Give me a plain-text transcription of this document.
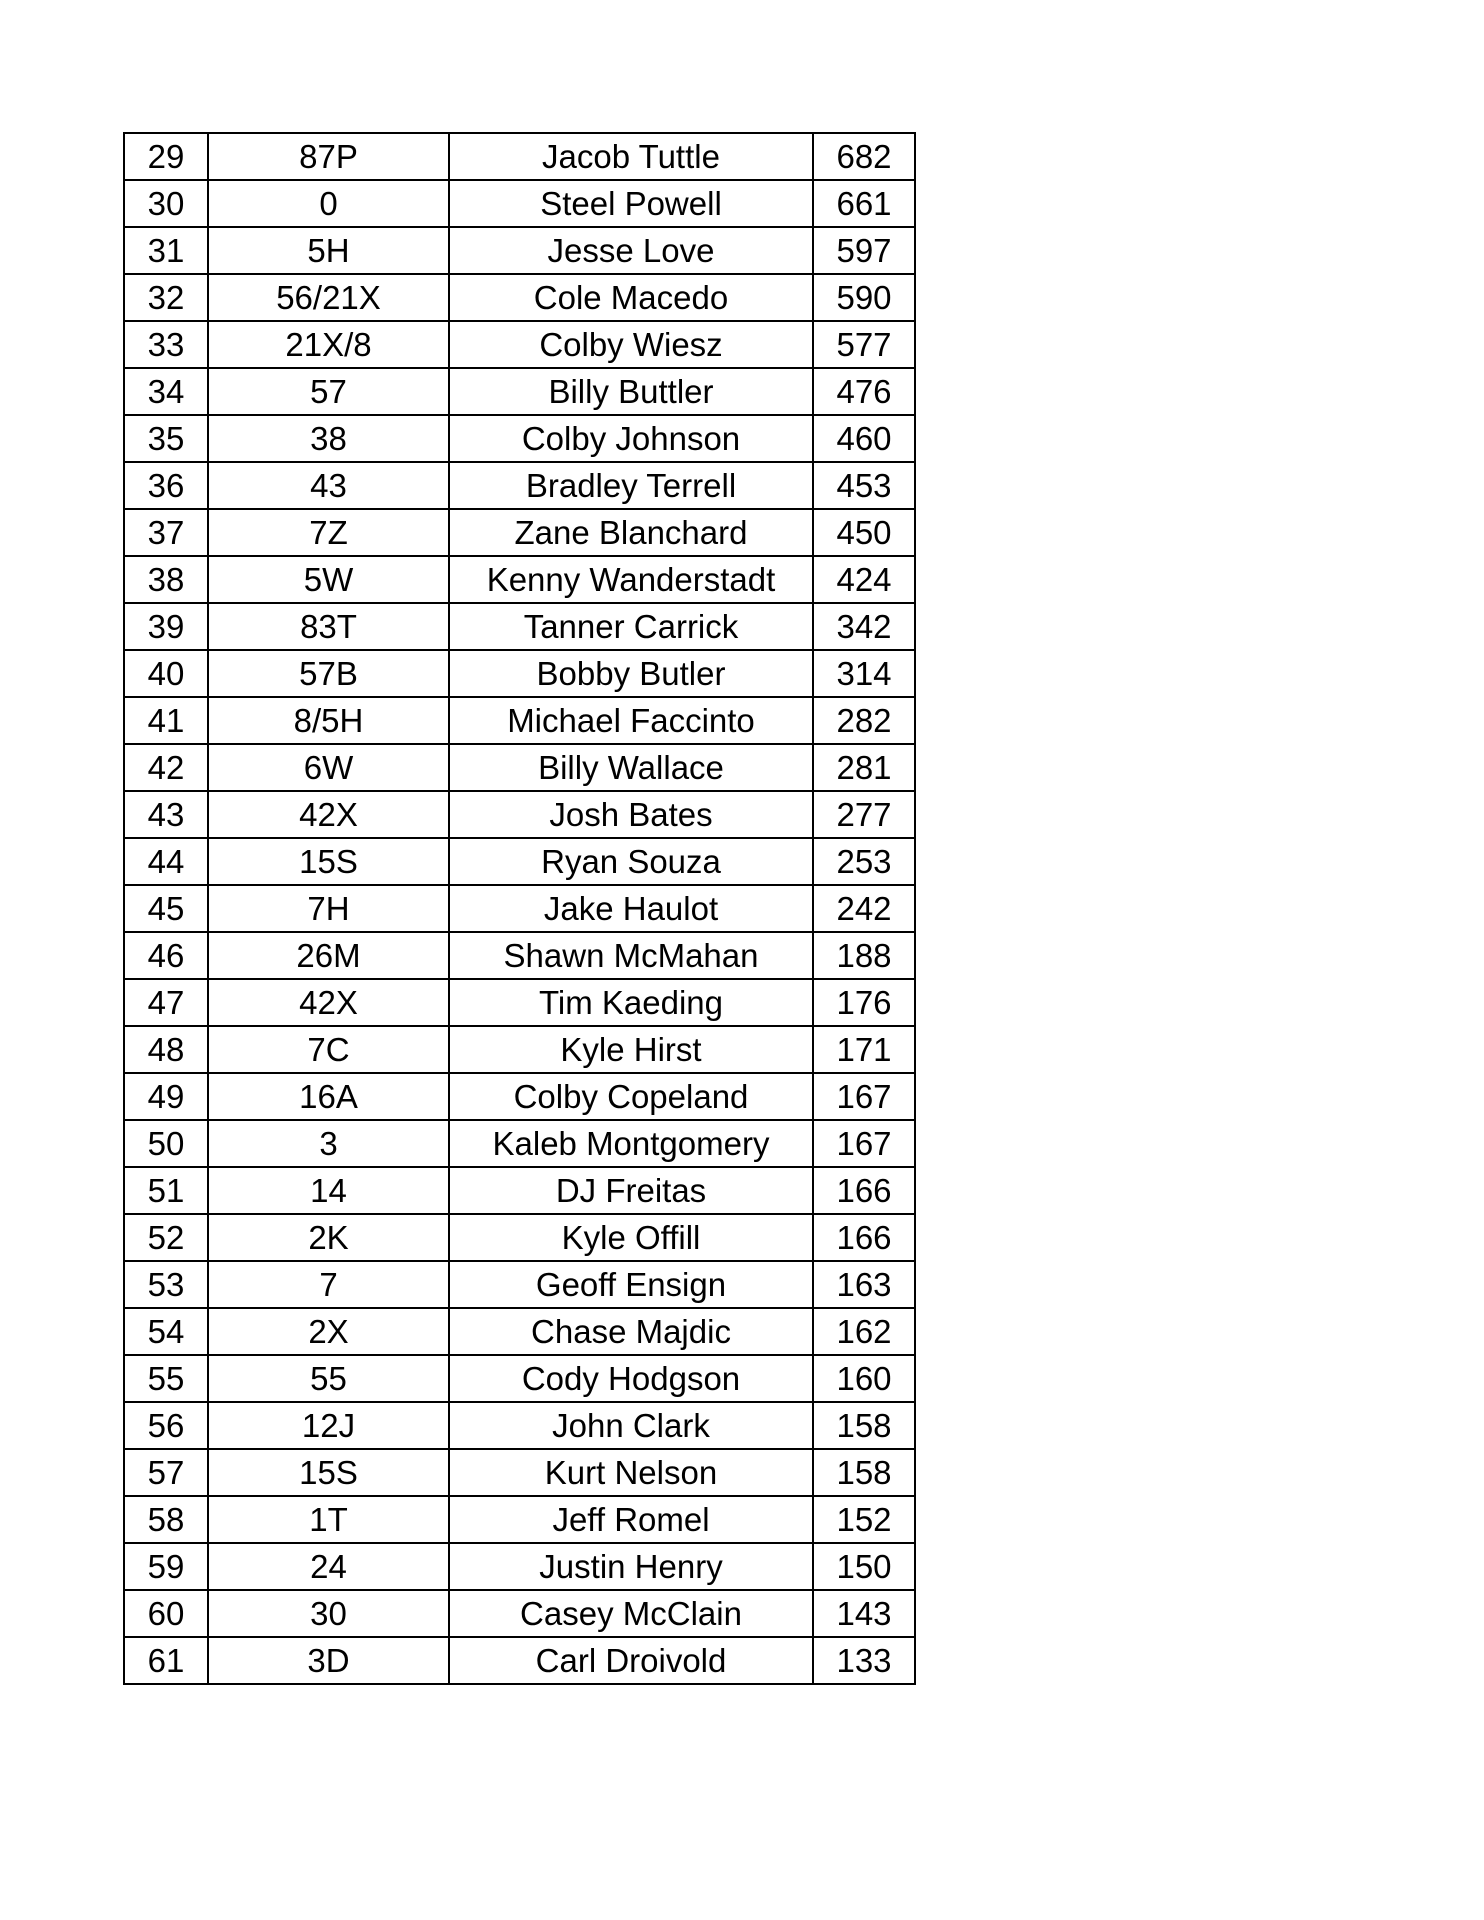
29	87P	Jacob Tuttle	682
30	0	Steel Powell	661
31	5H	Jesse Love	597
32	56/21X	Cole Macedo	590
33	21X/8	Colby Wiesz	577
34	57	Billy Buttler	476
35	38	Colby Johnson	460
36	43	Bradley Terrell	453
37	7Z	Zane Blanchard	450
38	5W	Kenny Wanderstadt	424
39	83T	Tanner Carrick	342
40	57B	Bobby Butler	314
41	8/5H	Michael Faccinto	282
42	6W	Billy Wallace	281
43	42X	Josh Bates	277
44	15S	Ryan Souza	253
45	7H	Jake Haulot	242
46	26M	Shawn McMahan	188
47	42X	Tim Kaeding	176
48	7C	Kyle Hirst	171
49	16A	Colby Copeland	167
50	3	Kaleb Montgomery	167
51	14	DJ Freitas	166
52	2K	Kyle Offill	166
53	7	Geoff Ensign	163
54	2X	Chase Majdic	162
55	55	Cody Hodgson	160
56	12J	John Clark	158
57	15S	Kurt Nelson	158
58	1T	Jeff Romel	152
59	24	Justin Henry	150
60	30	Casey McClain	143
61	3D	Carl Droivold	133
